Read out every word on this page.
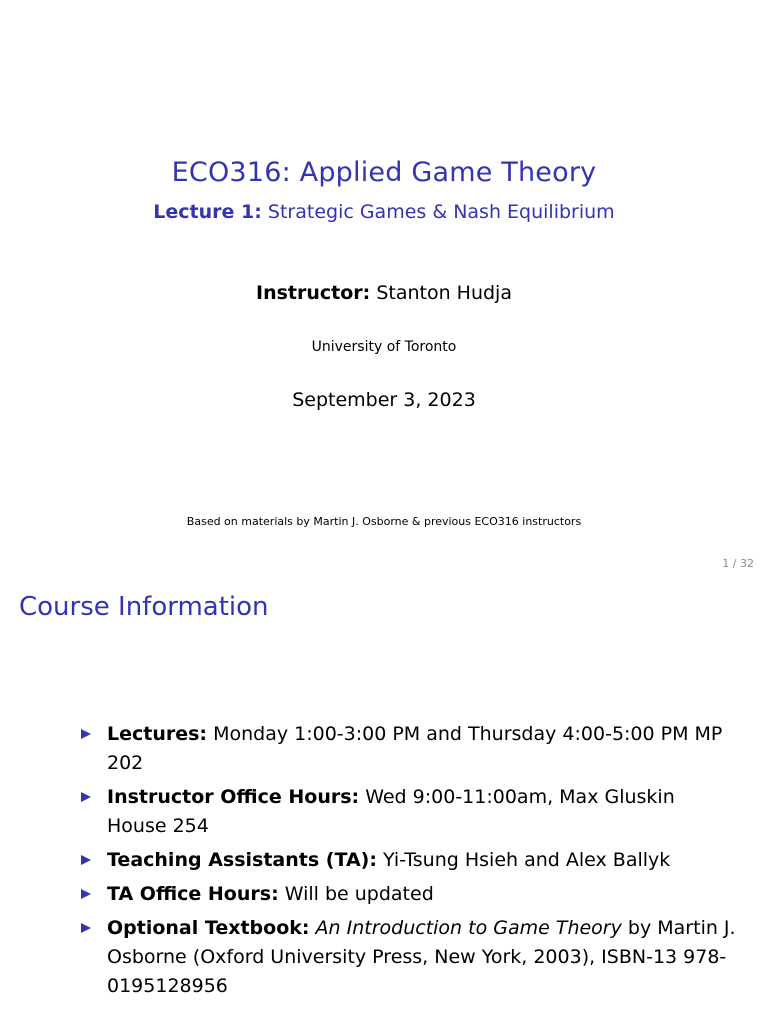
ECO316: Applied Game Theory
Lecture 1: Strategic Games & Nash Equilibrium
Instructor: Stanton Hudja
University of Toronto
September 3, 2023
Based on materials by Martin J. Osborne & previous ECO316 instructors
1 / 32
Course Information
Lectures: Monday 1:00-3:00 PM and Thursday 4:00-5:00 PM MP 202
Instructor Office Hours: Wed 9:00-11:00am, Max Gluskin House 254
Teaching Assistants (TA): Yi-Tsung Hsieh and Alex Ballyk
TA Office Hours: Will be updated
Optional Textbook: An Introduction to Game Theory by Martin J. Osborne (Oxford University Press, New York, 2003), ISBN-13 978-0195128956
